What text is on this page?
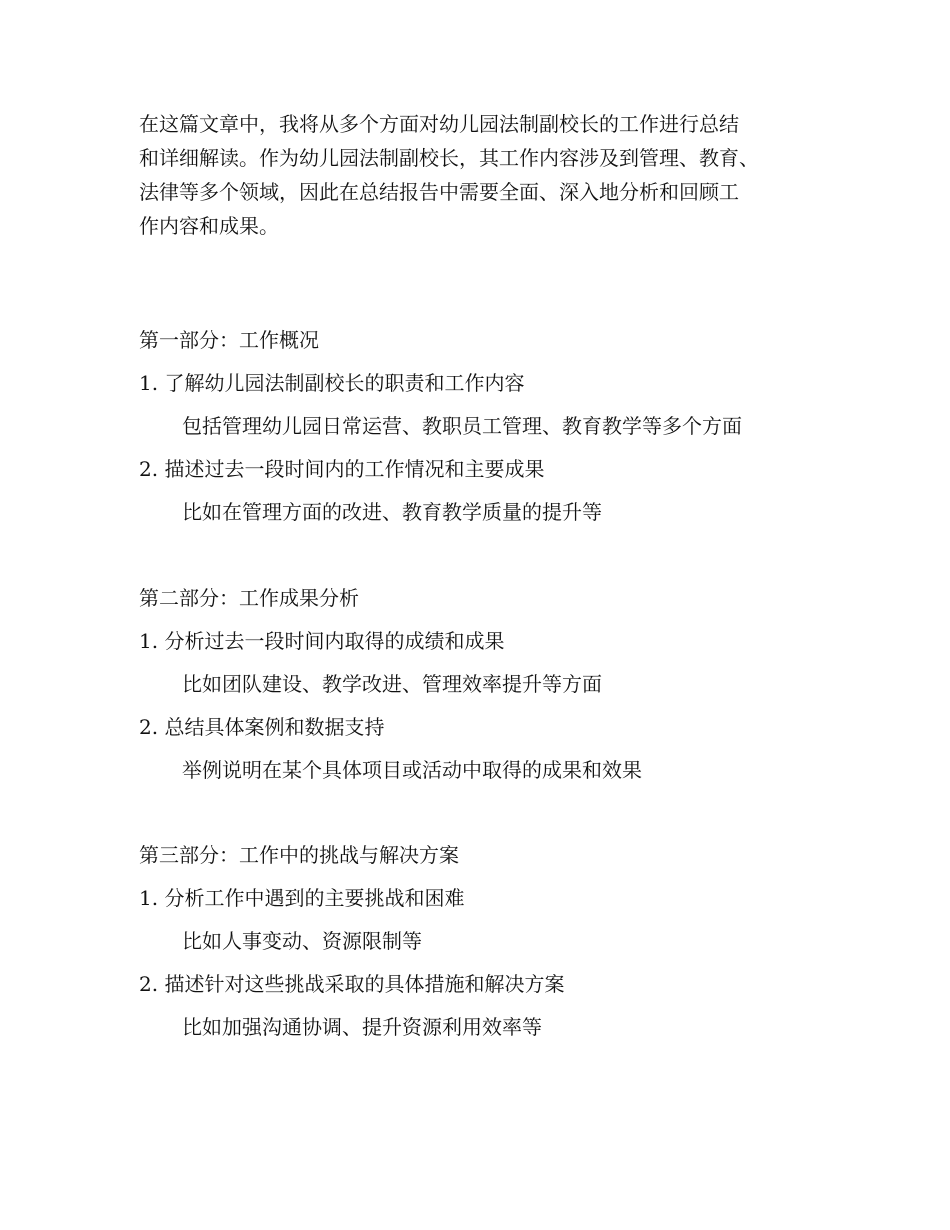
在这篇文章中，我将从多个方面对幼儿园法制副校长的工作进行总结
和详细解读。作为幼儿园法制副校长，其工作内容涉及到管理、教育、
法律等多个领域，因此在总结报告中需要全面、深入地分析和回顾工
作内容和成果。
第一部分：工作概况
1. 了解幼儿园法制副校长的职责和工作内容
包括管理幼儿园日常运营、教职员工管理、教育教学等多个方面
2. 描述过去一段时间内的工作情况和主要成果
比如在管理方面的改进、教育教学质量的提升等
第二部分：工作成果分析
1. 分析过去一段时间内取得的成绩和成果
比如团队建设、教学改进、管理效率提升等方面
2. 总结具体案例和数据支持
举例说明在某个具体项目或活动中取得的成果和效果
第三部分：工作中的挑战与解决方案
1. 分析工作中遇到的主要挑战和困难
比如人事变动、资源限制等
2. 描述针对这些挑战采取的具体措施和解决方案
比如加强沟通协调、提升资源利用效率等
